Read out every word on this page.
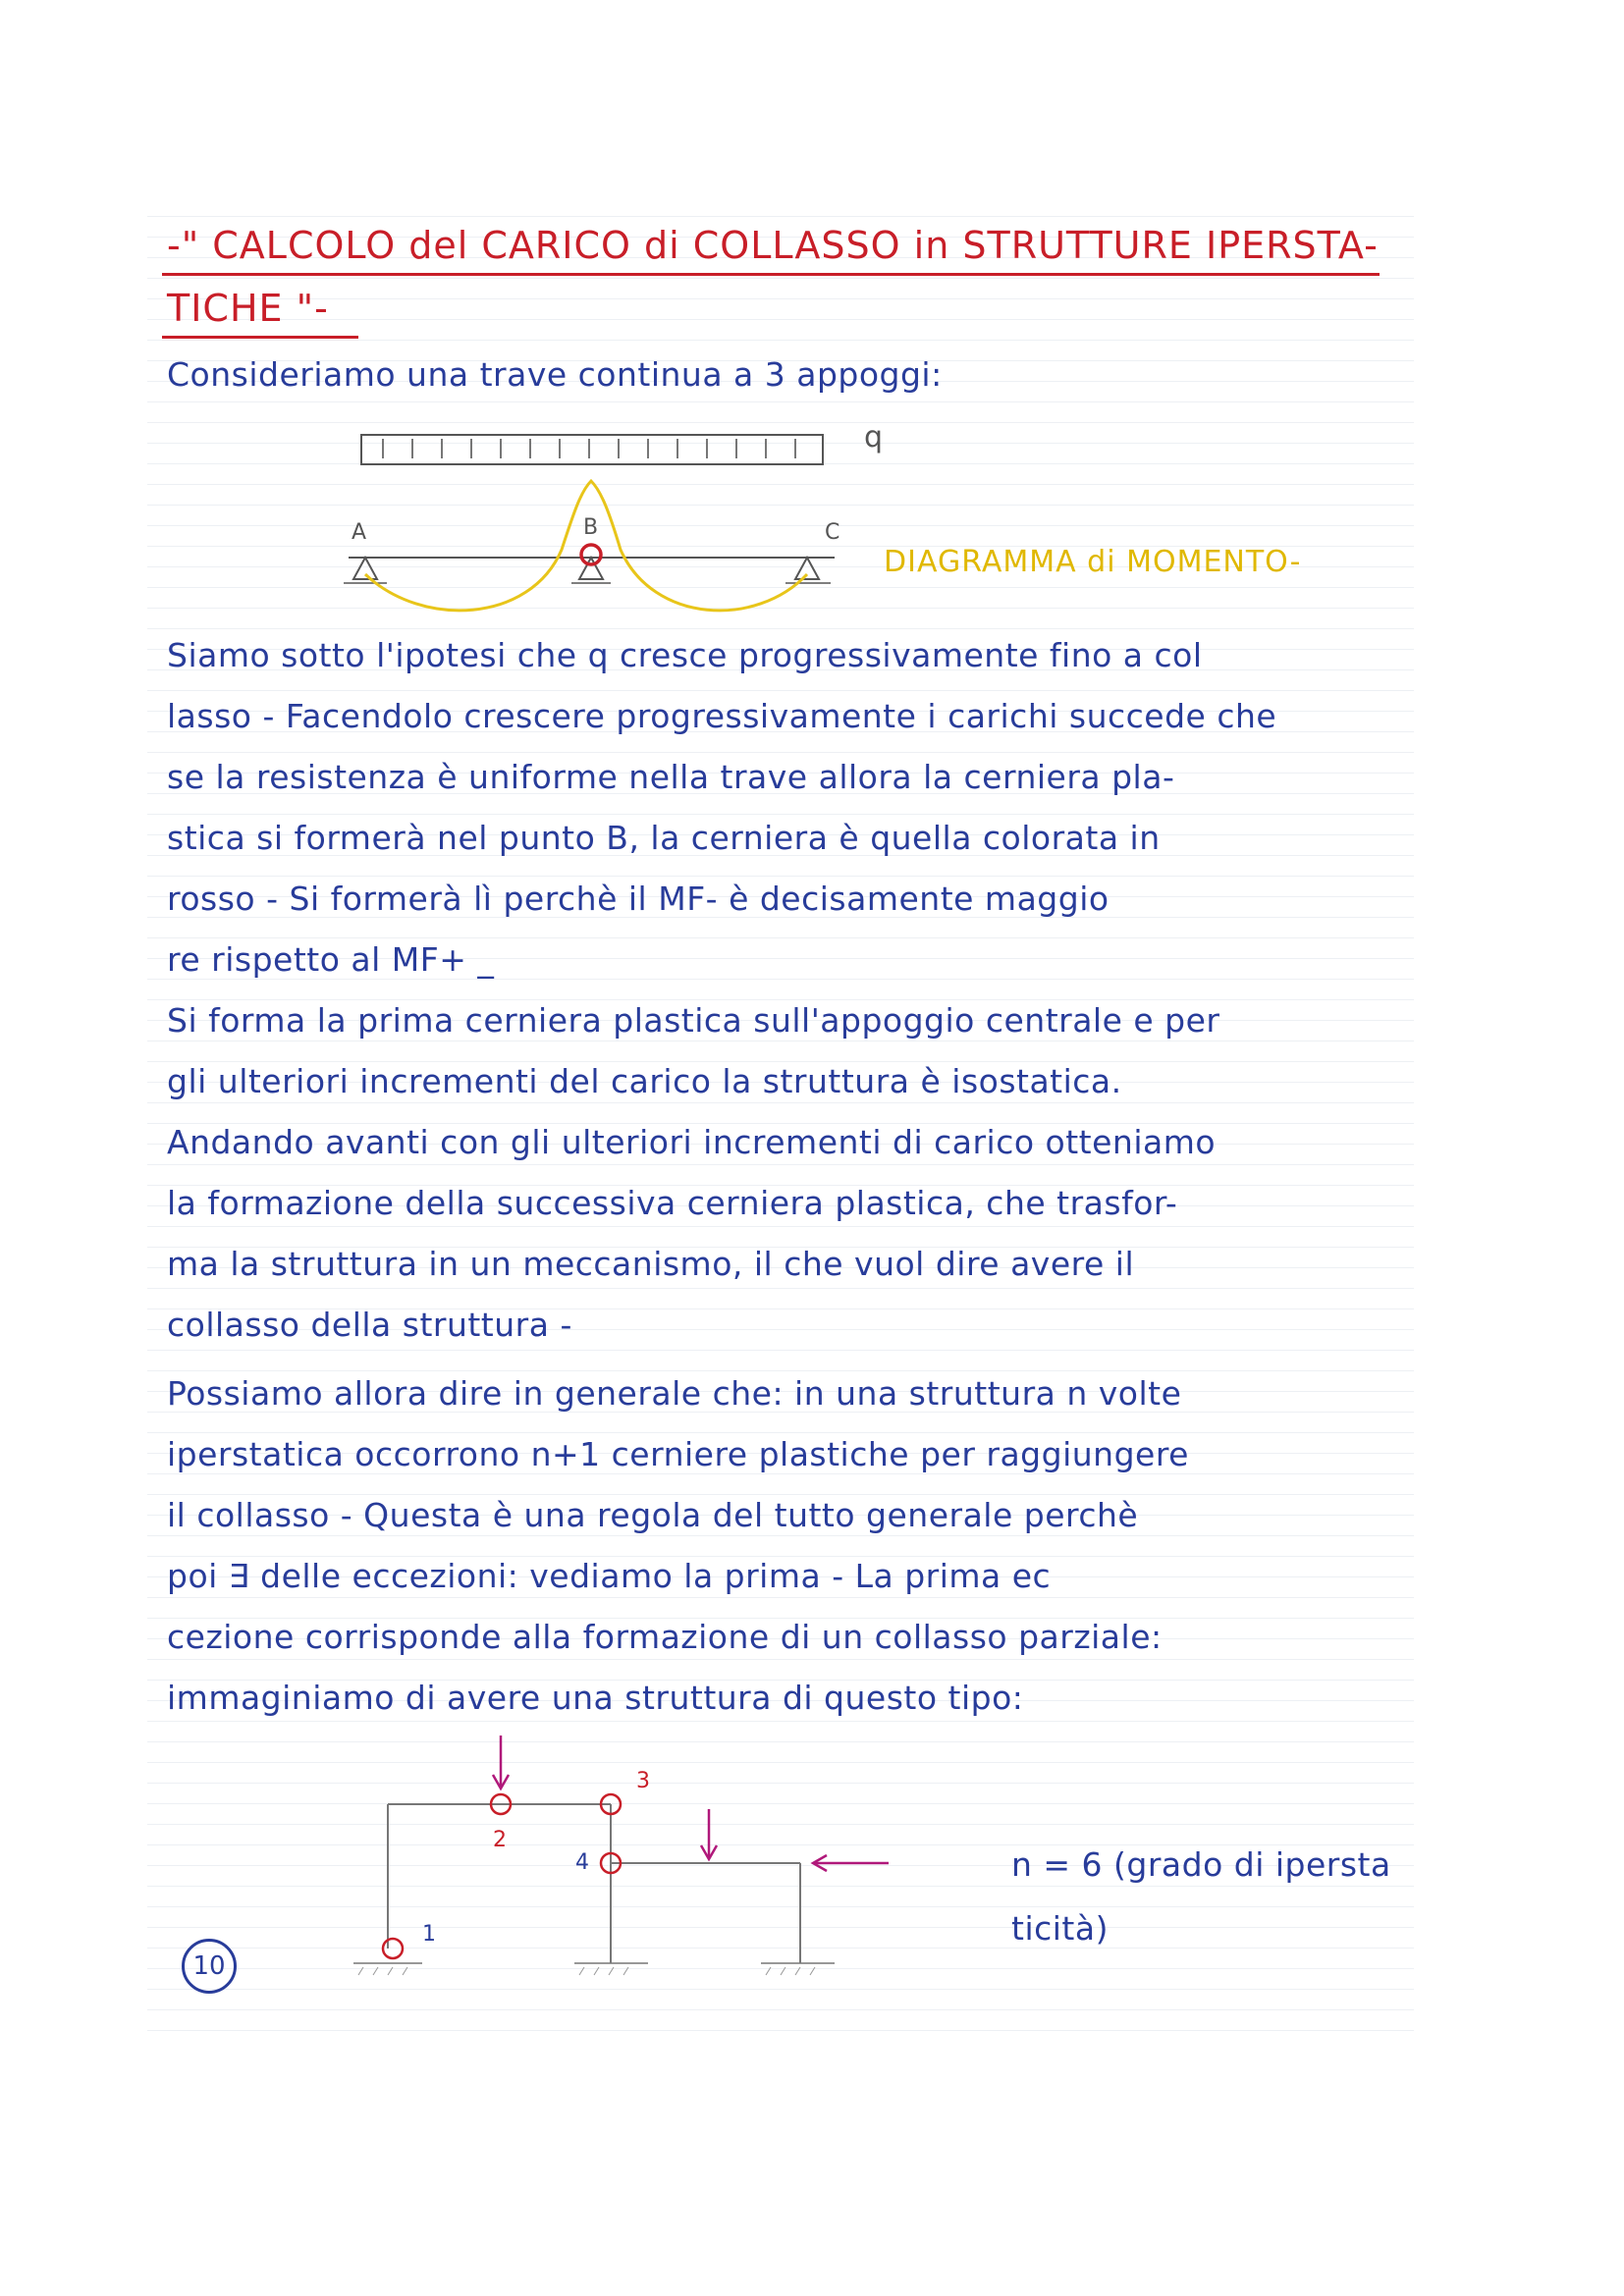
-" CALCOLO del CARICO di COLLASSO in STRUTTURE IPERSTA-
TICHE "-
Consideriamo una trave continua a 3 appoggi:
q
A	B	C
DIAGRAMMA di MOMENTO-
Siamo sotto l'ipotesi che q cresce progressivamente fino a col
lasso - Facendolo crescere progressivamente i carichi succede che
se la resistenza è uniforme nella trave allora la cerniera pla-
stica si formerà nel punto B, la cerniera è quella colorata in
rosso - Si formerà lì perchè il MF- è decisamente maggio
re rispetto al MF+ _
Si forma la prima cerniera plastica sull'appoggio centrale e per
gli ulteriori incrementi del carico la struttura è isostatica.
Andando avanti con gli ulteriori incrementi di carico otteniamo
la formazione della successiva cerniera plastica, che trasfor-
ma la struttura in un meccanismo, il che vuol dire avere il
collasso della struttura -
Possiamo allora dire in generale che: in una struttura n volte
iperstatica occorrono n+1 cerniere plastiche per raggiungere
il collasso - Questa è una regola del tutto generale perchè
poi ∃ delle eccezioni: vediamo la prima - La prima ec
cezione corrisponde alla formazione di un collasso parziale:
immaginiamo di avere una struttura di questo tipo:
1
2
3
4	n = 6 (grado di ipersta
ticità)
10
